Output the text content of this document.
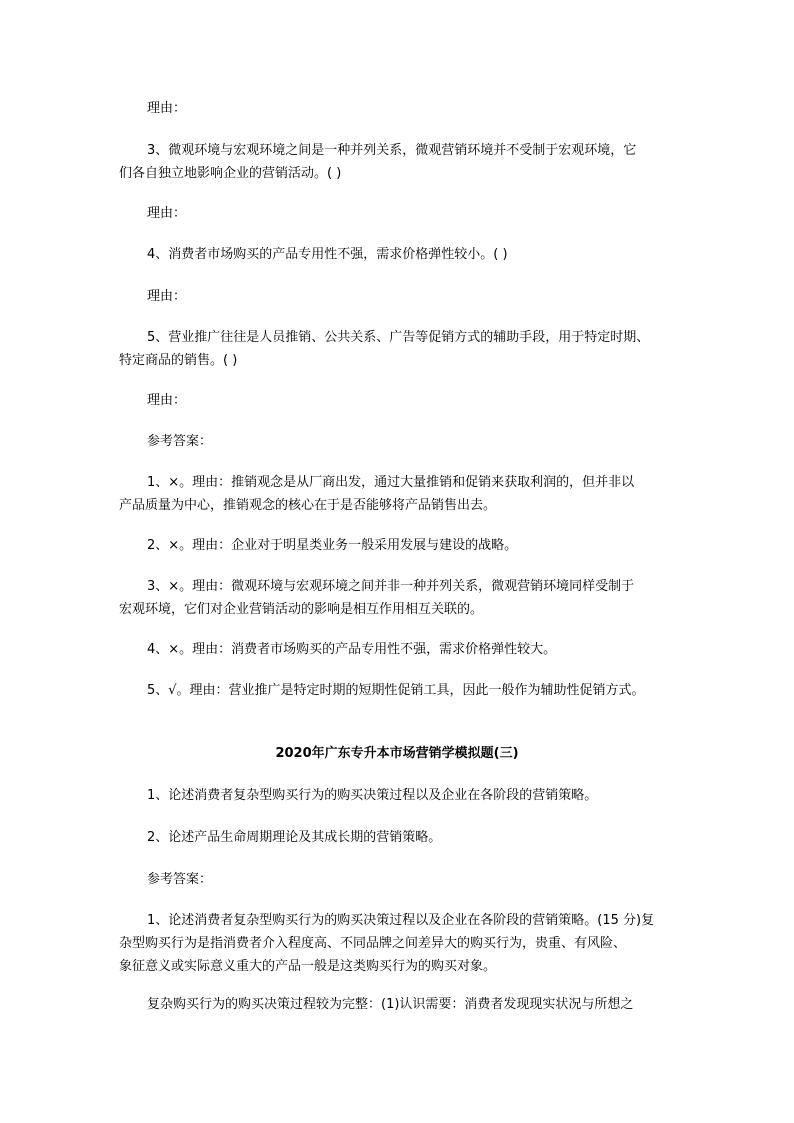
理由：
3、微观环境与宏观环境之间是一种并列关系，微观营销环境并不受制于宏观环境，它
们各自独立地影响企业的营销活动。( )
理由：
4、消费者市场购买的产品专用性不强，需求价格弹性较小。( )
理由：
5、营业推广往往是人员推销、公共关系、广告等促销方式的辅助手段，用于特定时期、
特定商品的销售。( )
理由：
参考答案：
1、×。理由：推销观念是从厂商出发，通过大量推销和促销来获取利润的，但并非以
产品质量为中心，推销观念的核心在于是否能够将产品销售出去。
2、×。理由：企业对于明星类业务一般采用发展与建设的战略。
3、×。理由：微观环境与宏观环境之间并非一种并列关系，微观营销环境同样受制于
宏观环境，它们对企业营销活动的影响是相互作用相互关联的。
4、×。理由：消费者市场购买的产品专用性不强，需求价格弹性较大。
5、√。理由：营业推广是特定时期的短期性促销工具，因此一般作为辅助性促销方式。
2020年广东专升本市场营销学模拟题(三)
1、论述消费者复杂型购买行为的购买决策过程以及企业在各阶段的营销策略。
2、论述产品生命周期理论及其成长期的营销策略。
参考答案：
1、论述消费者复杂型购买行为的购买决策过程以及企业在各阶段的营销策略。(15 分)复
杂型购买行为是指消费者介入程度高、不同品牌之间差异大的购买行为，贵重、有风险、
象征意义或实际意义重大的产品一般是这类购买行为的购买对象。
复杂购买行为的购买决策过程较为完整：(1)认识需要：消费者发现现实状况与所想之
